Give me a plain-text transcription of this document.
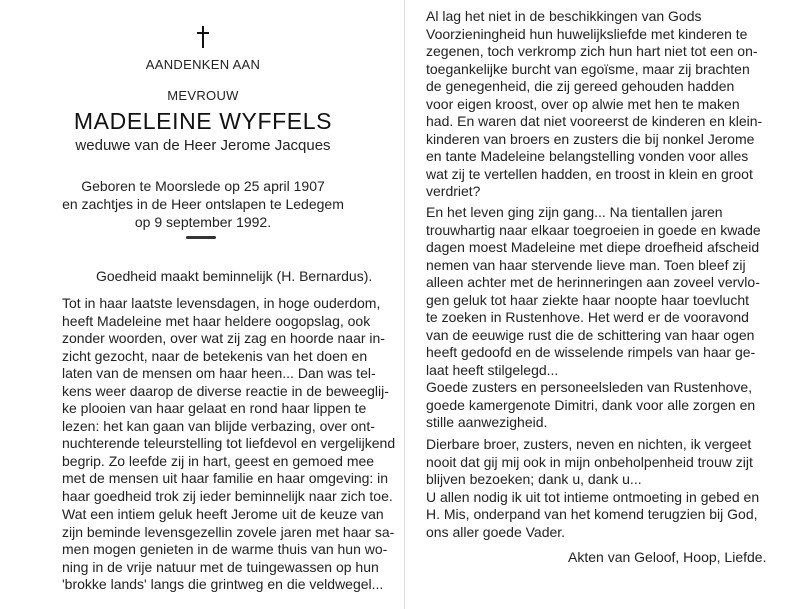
AANDENKEN AAN
MEVROUW
MADELEINE WYFFELS
weduwe van de Heer Jerome Jacques
Geboren te Moorslede op 25 april 1907
en zachtjes in de Heer ontslapen te Ledegem
op 9 september 1992.
Goedheid maakt beminnelijk (H. Bernardus).
Tot in haar laatste levensdagen, in hoge ouderdom,
heeft Madeleine met haar heldere oogopslag, ook
zonder woorden, over wat zij zag en hoorde naar in-
zicht gezocht, naar de betekenis van het doen en
laten van de mensen om haar heen... Dan was tel-
kens weer daarop de diverse reactie in de beweeglij-
ke plooien van haar gelaat en rond haar lippen te
lezen: het kan gaan van blijde verbazing, over ont-
nuchterende teleurstelling tot liefdevol en vergelijkend
begrip. Zo leefde zij in hart, geest en gemoed mee
met de mensen uit haar familie en haar omgeving: in
haar goedheid trok zij ieder beminnelijk naar zich toe.
Wat een intiem geluk heeft Jerome uit de keuze van
zijn beminde levensgezellin zovele jaren met haar sa-
men mogen genieten in de warme thuis van hun wo-
ning in de vrije natuur met de tuingewassen op hun
'brokke lands' langs die grintweg en die veldwegel...
Al lag het niet in de beschikkingen van Gods
Voorzieningheid hun huwelijksliefde met kinderen te
zegenen, toch verkromp zich hun hart niet tot een on-
toegankelijke burcht van egoïsme, maar zij brachten
de genegenheid, die zij gereed gehouden hadden
voor eigen kroost, over op alwie met hen te maken
had. En waren dat niet vooreerst de kinderen en klein-
kinderen van broers en zusters die bij nonkel Jerome
en tante Madeleine belangstelling vonden voor alles
wat zij te vertellen hadden, en troost in klein en groot
verdriet?
En het leven ging zijn gang... Na tientallen jaren
trouwhartig naar elkaar toegroeien in goede en kwade
dagen moest Madeleine met diepe droefheid afscheid
nemen van haar stervende lieve man. Toen bleef zij
alleen achter met de herinneringen aan zoveel vervlo-
gen geluk tot haar ziekte haar noopte haar toevlucht
te zoeken in Rustenhove. Het werd er de vooravond
van de eeuwige rust die de schittering van haar ogen
heeft gedoofd en de wisselende rimpels van haar ge-
laat heeft stilgelegd...
Goede zusters en personeelsleden van Rustenhove,
goede kamergenote Dimitri, dank voor alle zorgen en
stille aanwezigheid.
Dierbare broer, zusters, neven en nichten, ik vergeet
nooit dat gij mij ook in mijn onbeholpenheid trouw zijt
blijven bezoeken; dank u, dank u...
U allen nodig ik uit tot intieme ontmoeting in gebed en
H. Mis, onderpand van het komend terugzien bij God,
ons aller goede Vader.
Akten van Geloof, Hoop, Liefde.
